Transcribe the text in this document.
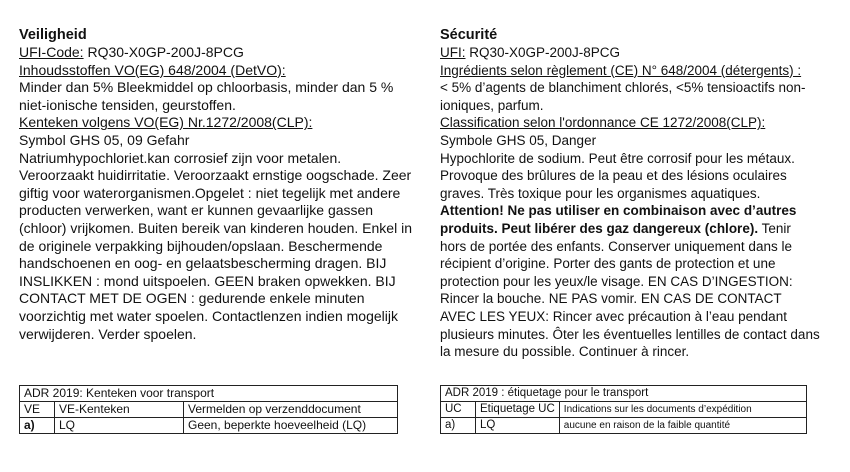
Veiligheid

UFI-Code: RQ30-X0GP-200J-8PCG

Inhoudsstoffen VO(EG) 648/2004 (DetVO):

Minder dan 5% Bleekmiddel op chloorbasis, minder dan 5 % niet-ionische tensiden, geurstoffen.

Kenteken volgens VO(EG) Nr.1272/2008(CLP):

Symbol GHS 05, 09 Gefahr

Natriumhypochloriet.kan corrosief zijn voor metalen. Veroorzaakt huidirritatie. Veroorzaakt ernstige oogschade. Zeer giftig voor waterorganismen.Opgelet : niet tegelijk met andere producten verwerken, want er kunnen gevaarlijke gassen (chloor) vrijkomen. Buiten bereik van kinderen houden. Enkel in de originele verpakking bijhouden/opslaan. Beschermende handschoenen en oog- en gelaatsbescherming dragen. BIJ INSLIKKEN : mond uitspoelen. GEEN braken opwekken. BIJ CONTACT MET DE OGEN : gedurende enkele minuten voorzichtig met water spoelen. Contactlenzen indien mogelijk verwijderen. Verder spoelen.

ADR 2019: Kenteken voor transport		
VE	VE-Kenteken	Vermelden op verzenddocument
a)	LQ	Geen, beperkte hoeveelheid (LQ)
Sécurité

UFI: RQ30-X0GP-200J-8PCG

Ingrédients selon règlement (CE) N° 648/2004 (détergents) :

< 5% d’agents de blanchiment chlorés, <5% tensioactifs non-ioniques, parfum.

Classification selon l'ordonnance CE 1272/2008(CLP):

Symbole GHS 05, Danger

Hypochlorite de sodium. Peut être corrosif pour les métaux. Provoque des brûlures de la peau et des lésions oculaires graves. Très toxique pour les organismes aquatiques. Attention! Ne pas utiliser en combinaison avec d’autres produits. Peut libérer des gaz dangereux (chlore). Tenir hors de portée des enfants. Conserver uniquement dans le récipient d’origine. Porter des gants de protection et une protection pour les yeux/le visage. EN CAS D’INGESTION: Rincer la bouche. NE PAS vomir. EN CAS DE CONTACT AVEC LES YEUX: Rincer avec précaution à l’eau pendant plusieurs minutes. Ôter les éventuelles lentilles de contact dans la mesure du possible. Continuer à rincer.

ADR 2019 : étiquetage pour le transport		
UC	Etiquetage UC	Indications sur les documents d’expédition
a)	LQ	aucune en raison de la faible quantité
